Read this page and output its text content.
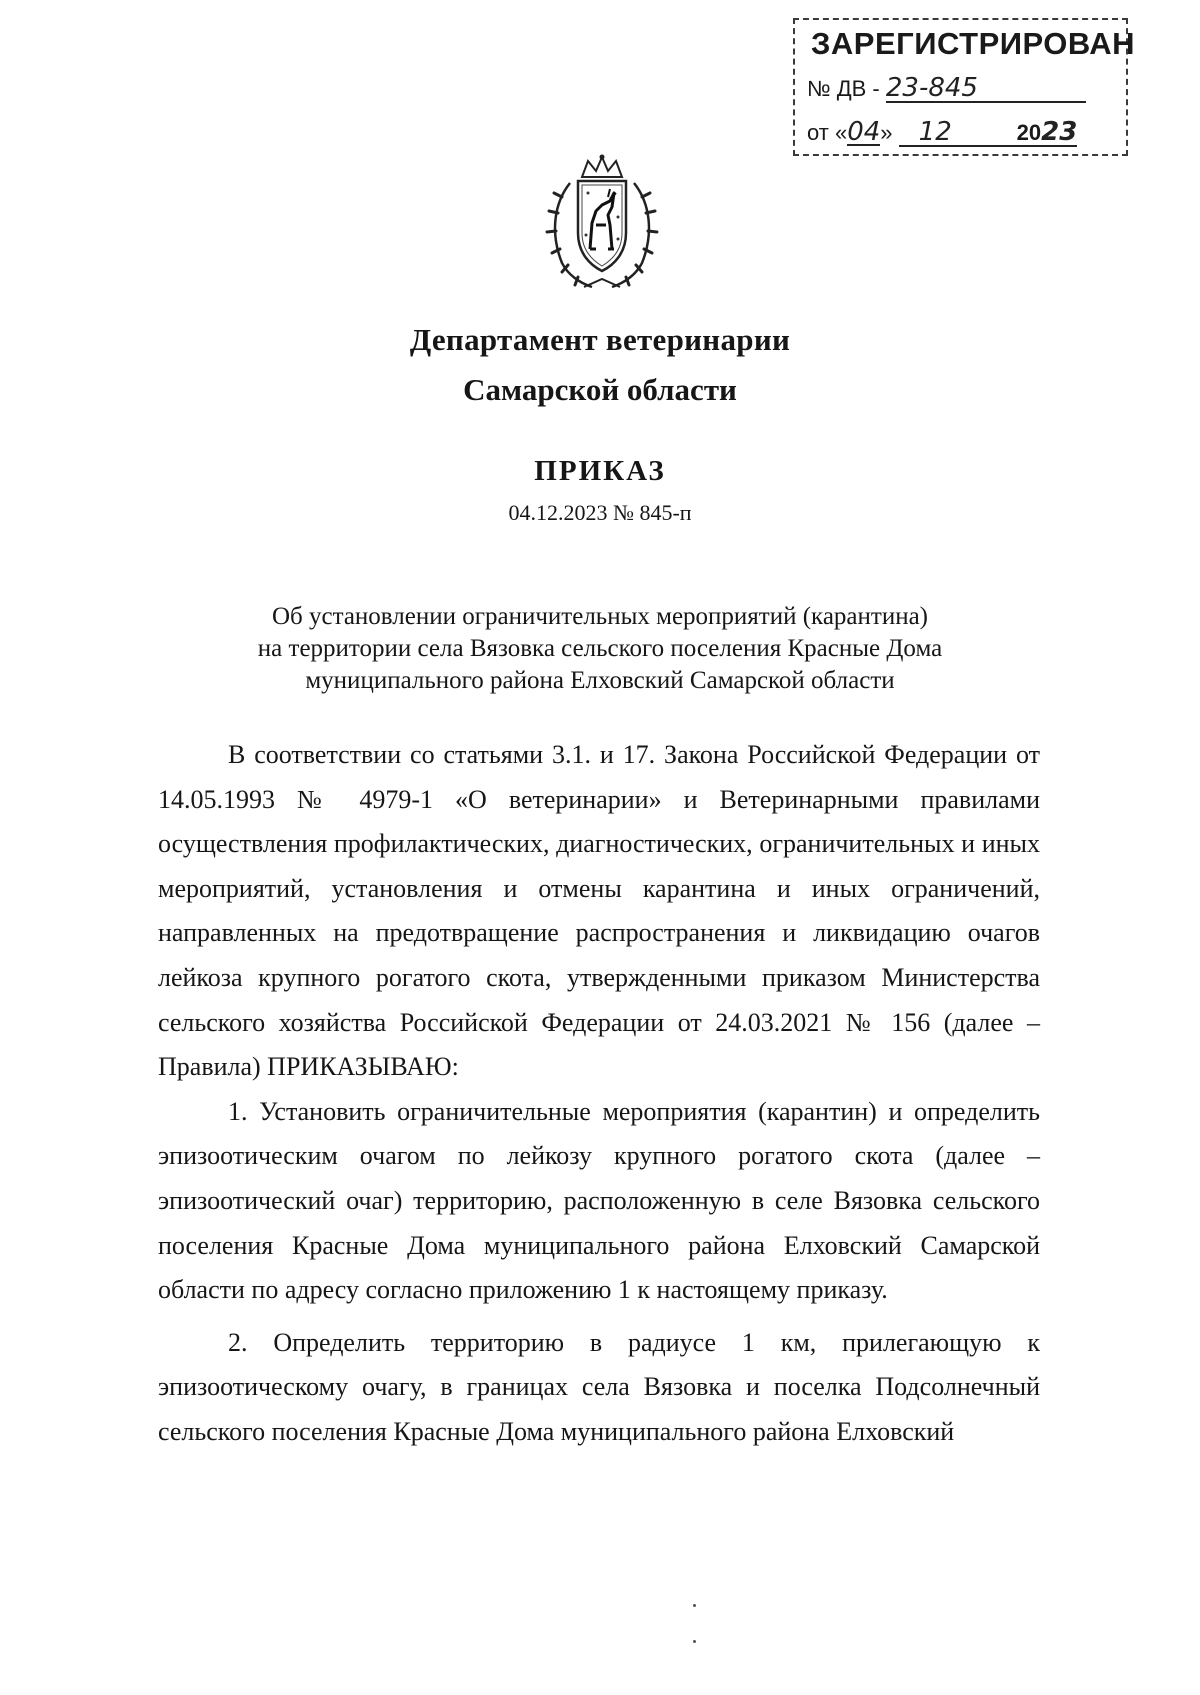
ЗАРЕГИСТРИРОВАН
№ ДВ - 23-845
от «04» 12	2023
Департамент ветеринарии
Самарской области
ПРИКАЗ
04.12.2023 № 845-п
Об установлении ограничительных мероприятий (карантина)
на территории села Вязовка сельского поселения Красные Дома
муниципального района Елховский Самарской области

В соответствии со статьями 3.1. и 17. Закона Российской Федерации от 14.05.1993 № 4979-1 «О ветеринарии» и Ветеринарными правилами осуществления профилактических, диагностических, ограничительных и иных мероприятий, установления и отмены карантина и иных ограничений, направленных на предотвращение распространения и ликвидацию очагов лейкоза крупного рогатого скота, утвержденными приказом Министерства сельского хозяйства Российской Федерации от 24.03.2021 № 156 (далее – Правила) ПРИКАЗЫВАЮ:

1. Установить ограничительные мероприятия (карантин) и определить эпизоотическим очагом по лейкозу крупного рогатого скота (далее – эпизоотический очаг) территорию, расположенную в селе Вязовка сельского поселения Красные Дома муниципального района Елховский Самарской области по адресу согласно приложению 1 к настоящему приказу.

2. Определить территорию в радиусе 1 км, прилегающую к эпизоотическому очагу, в границах села Вязовка и поселка Подсолнечный сельского поселения Красные Дома муниципального района Елховский
